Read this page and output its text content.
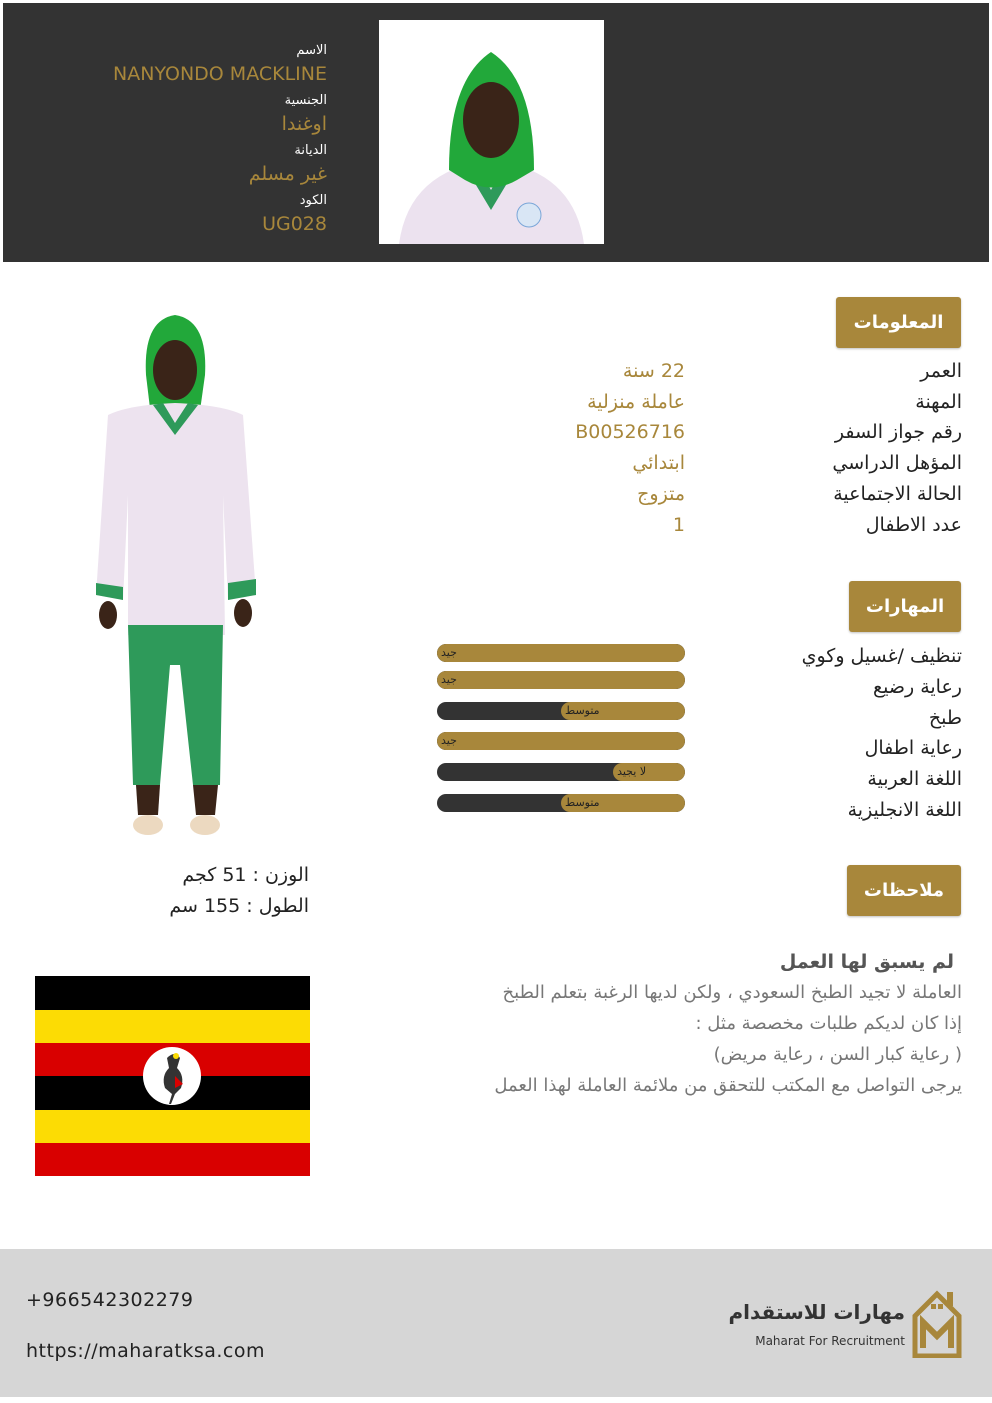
الاسم
NANYONDO MACKLINE
الجنسية
اوغندا
الديانة
غير مسلم
الكود
UG028
المعلومات
العمر
22 سنة
المهنة
عاملة منزلية
رقم جواز السفر
B00526716
المؤهل الدراسي
ابتدائي
الحالة الاجتماعية
متزوج
عدد الاطفال
1
المهارات
تنظيف /غسيل وكوي
رعاية رضيع
طبخ
رعاية اطفال
اللغة العربية
اللغة الانجليزية
جيد
جيد
متوسط
جيد
لا يجيد
متوسط
ملاحظات
لم يسبق لها العمل
العاملة لا تجيد الطبخ السعودي ، ولكن لديها الرغبة بتعلم الطبخ
إذا كان لديكم طلبات مخصصة مثل :
( رعاية كبار السن ، رعاية مريض)
يرجى التواصل مع المكتب للتحقق من ملائمة العاملة لهذا العمل
الوزن : 51 كجم
الطول : 155 سم
+966542302279
https://maharatksa.com
مهارات للاستقدام
Maharat For Recruitment
